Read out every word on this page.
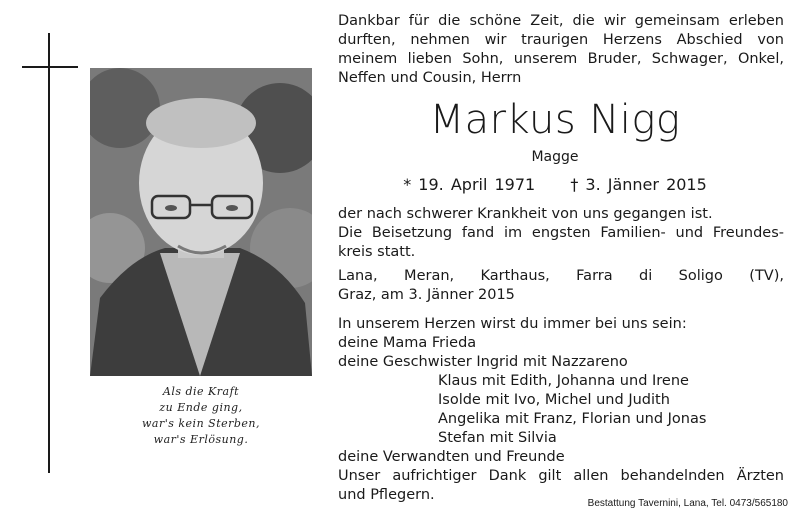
Als die Kraft
zu Ende ging,
war's kein Sterben,
war's Erlösung.
Dankbar für die schöne Zeit, die wir gemeinsam erleben
durften, nehmen wir traurigen Herzens Abschied von
meinem lieben Sohn, unserem Bruder, Schwager, Onkel,
Neffen und Cousin, Herrn
Markus Nigg
Magge
* 19. April 1971 † 3. Jänner 2015
der nach schwerer Krankheit von uns gegangen ist.
Die Beisetzung fand im engsten Familien- und Freundes-
kreis statt.
Lana, Meran, Karthaus, Farra di Soligo (TV),
Graz, am 3. Jänner 2015
In unserem Herzen wirst du immer bei uns sein:
deine Mama Frieda
deine Geschwister Ingrid mit Nazzareno
Klaus mit Edith, Johanna und Irene
Isolde mit Ivo, Michel und Judith
Angelika mit Franz, Florian und Jonas
Stefan mit Silvia
deine Verwandten und Freunde
Unser aufrichtiger Dank gilt allen behandelnden Ärzten
und Pflegern.
Bestattung Tavernini, Lana, Tel. 0473/565180
